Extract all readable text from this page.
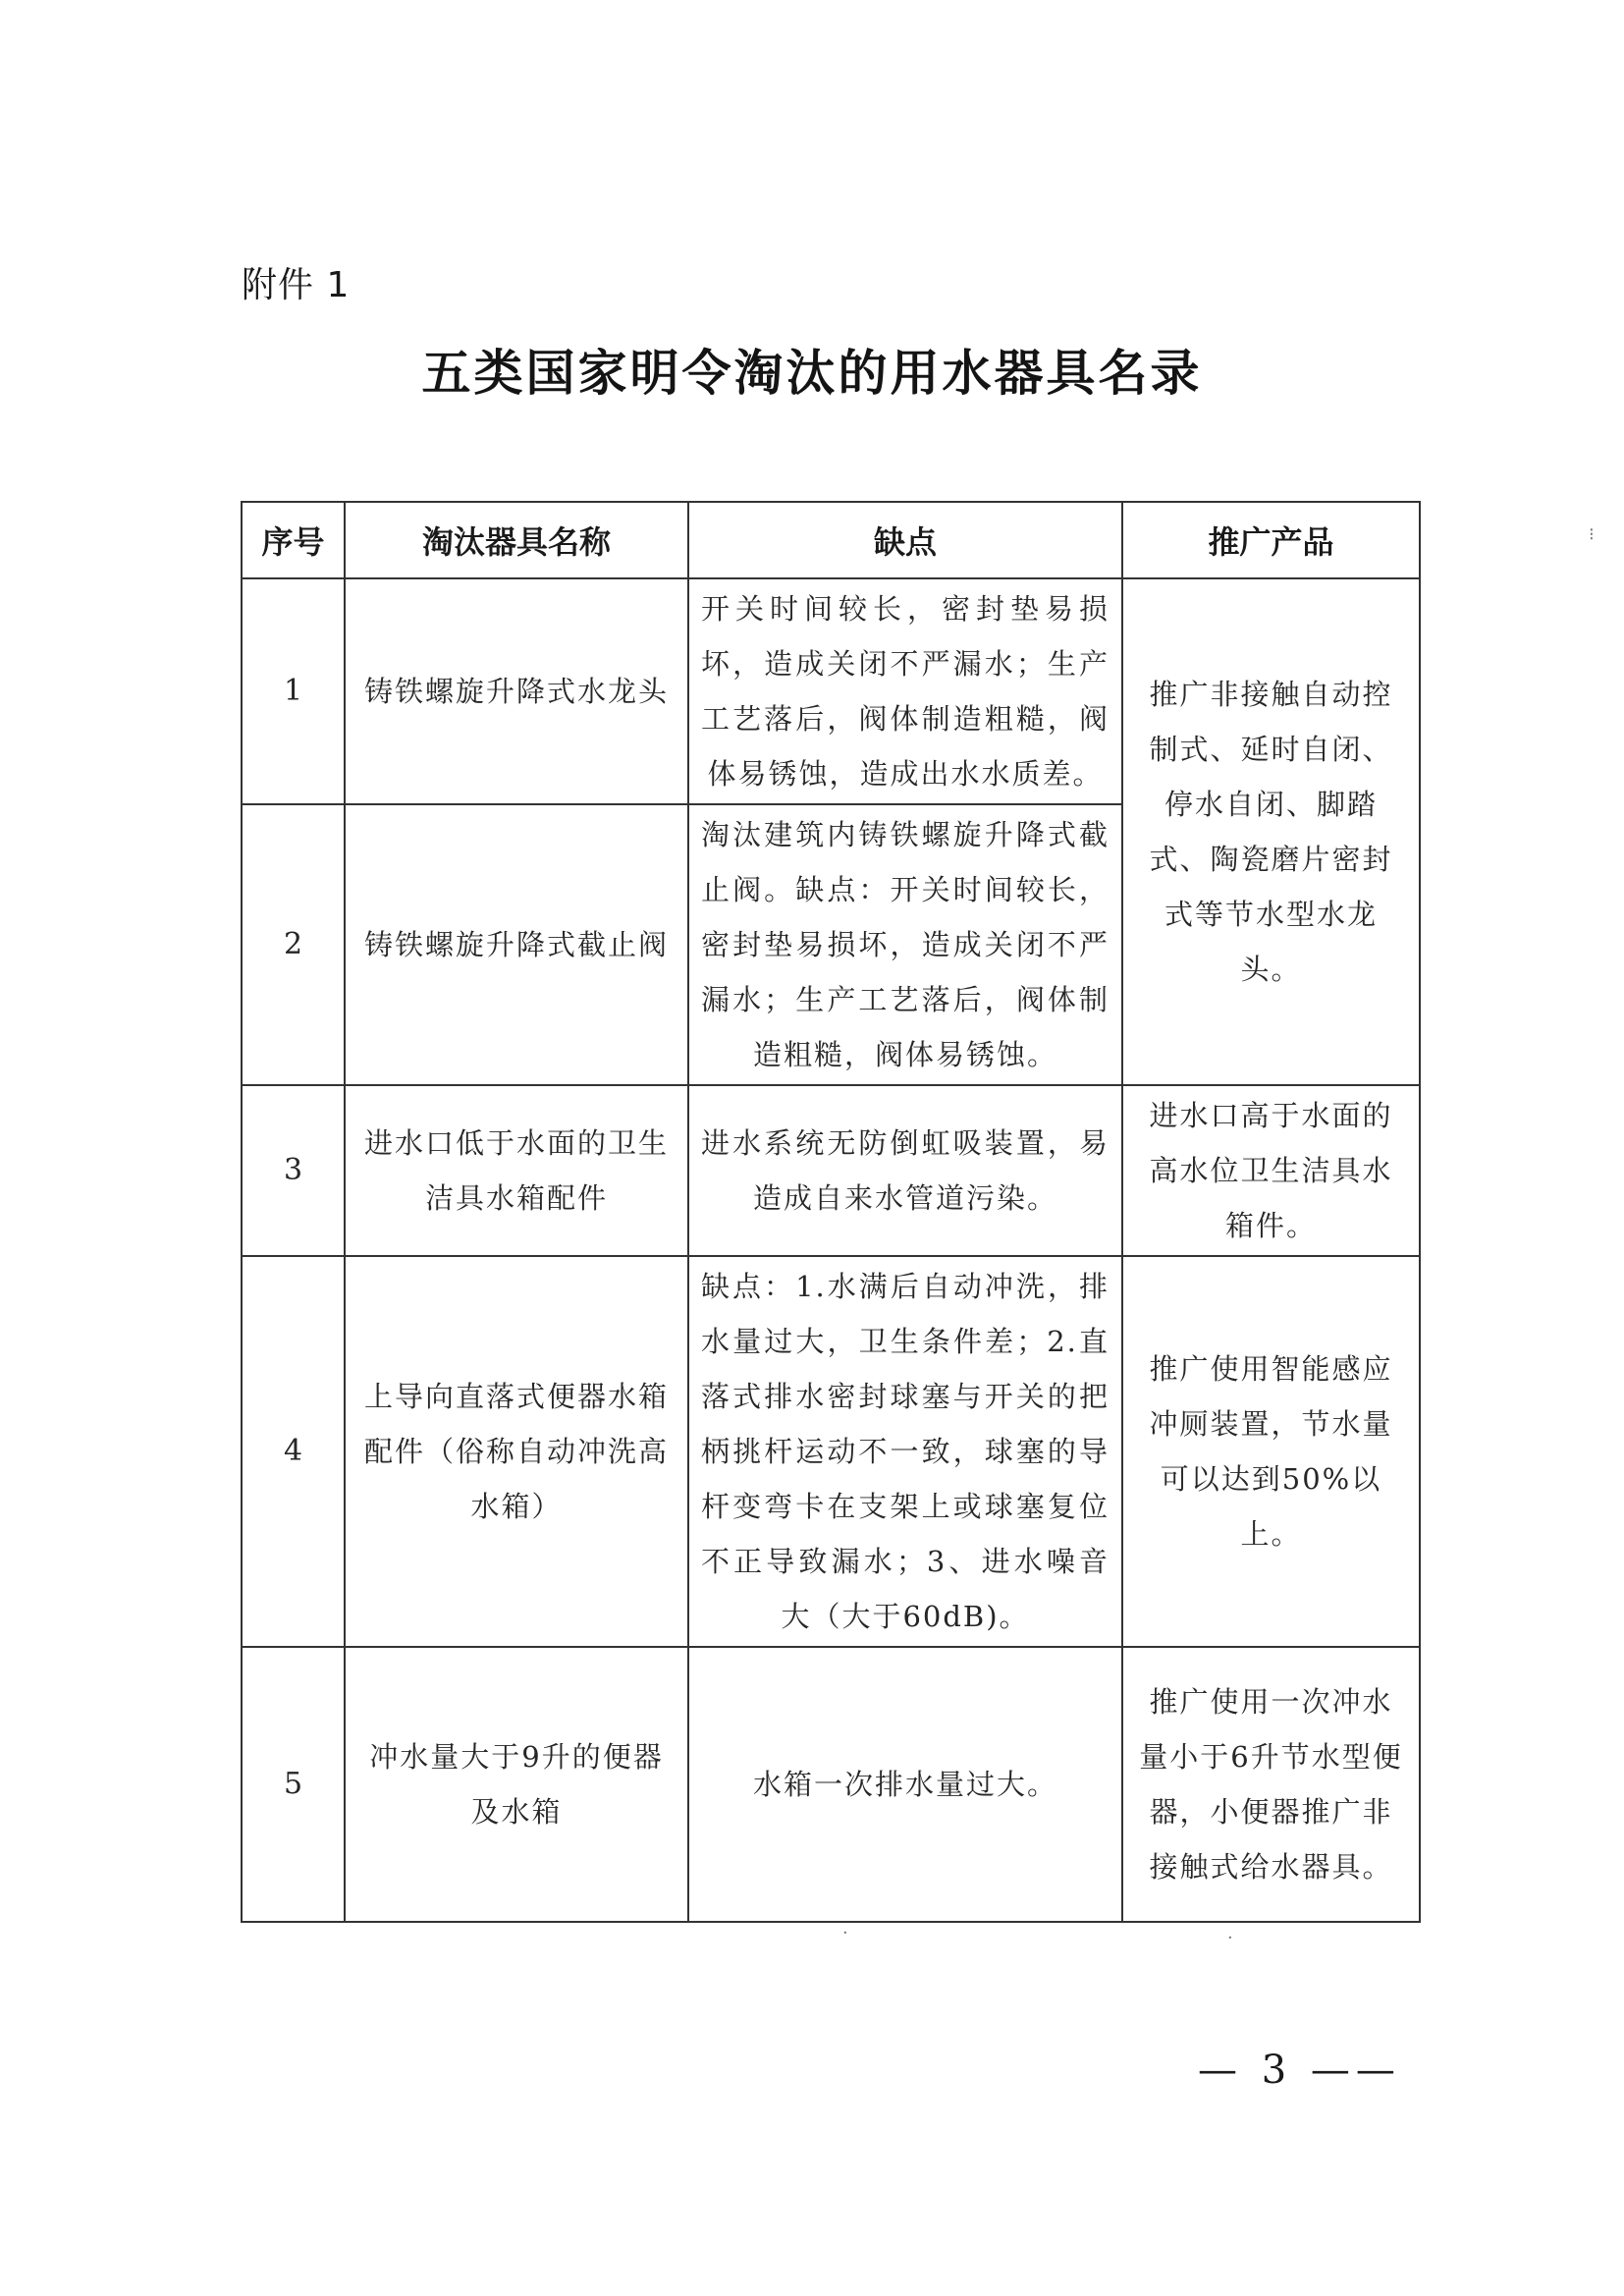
附件 1
五类国家明令淘汰的用水器具名录
⁝
序号	淘汰器具名称	缺点	推广产品
1	铸铁螺旋升降式水龙头	开关时间较长，密封垫易损坏，造成关闭不严漏水；生产工艺落后，阀体制造粗糙，阀体易锈蚀，造成出水水质差。	推广非接触自动控制式、延时自闭、停水自闭、脚踏式、陶瓷磨片密封式等节水型水龙头。
2	铸铁螺旋升降式截止阀	淘汰建筑内铸铁螺旋升降式截止阀。缺点：开关时间较长，密封垫易损坏，造成关闭不严漏水；生产工艺落后，阀体制造粗糙，阀体易锈蚀。	
3	进水口低于水面的卫生洁具水箱配件	进水系统无防倒虹吸装置，易造成自来水管道污染。	进水口高于水面的高水位卫生洁具水箱件。
4	上导向直落式便器水箱配件（俗称自动冲洗高水箱）	缺点：1.水满后自动冲洗，排水量过大，卫生条件差；2.直落式排水密封球塞与开关的把柄挑杆运动不一致，球塞的导杆变弯卡在支架上或球塞复位不正导致漏水；3、进水噪音大（大于60dB)。	推广使用智能感应冲厕装置，节水量可以达到50%以上。
5	冲水量大于9升的便器及水箱	水箱一次排水量过大。	推广使用一次冲水量小于6升节水型便器，小便器推广非接触式给水器具。
·	·
— 3 ——
